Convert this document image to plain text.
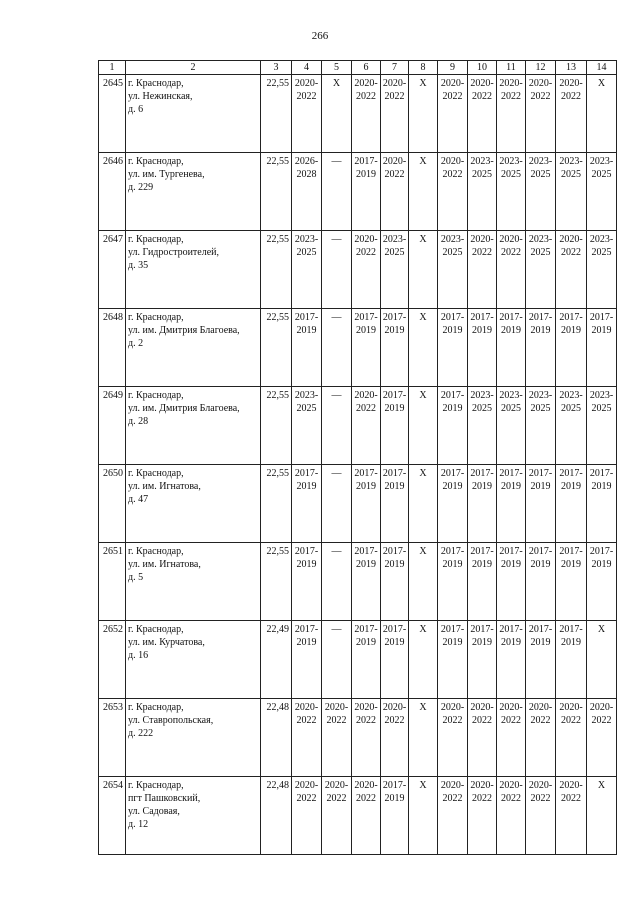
266
1	2	3	4	5	6	7	8	9	10	11	12	13	14
2645	г. Краснодар,
ул. Нежинская,
д. 6	22,55	2020-
2022	X	2020-
2022	2020-
2022	X	2020-
2022	2020-
2022	2020-
2022	2020-
2022	2020-
2022	X

2646	г. Краснодар,
ул. им. Тургенева,
д. 229	22,55	2026-
2028	—	2017-
2019	2020-
2022	X	2020-
2022	2023-
2025	2023-
2025	2023-
2025	2023-
2025	2023-
2025

2647	г. Краснодар,
ул. Гидростроителей,
д. 35	22,55	2023-
2025	—	2020-
2022	2023-
2025	X	2023-
2025	2020-
2022	2020-
2022	2023-
2025	2020-
2022	2023-
2025

2648	г. Краснодар,
ул. им. Дмитрия Благоева,
д. 2	22,55	2017-
2019	—	2017-
2019	2017-
2019	X	2017-
2019	2017-
2019	2017-
2019	2017-
2019	2017-
2019	2017-
2019

2649	г. Краснодар,
ул. им. Дмитрия Благоева,
д. 28	22,55	2023-
2025	—	2020-
2022	2017-
2019	X	2017-
2019	2023-
2025	2023-
2025	2023-
2025	2023-
2025	2023-
2025

2650	г. Краснодар,
ул. им. Игнатова,
д. 47	22,55	2017-
2019	—	2017-
2019	2017-
2019	X	2017-
2019	2017-
2019	2017-
2019	2017-
2019	2017-
2019	2017-
2019

2651	г. Краснодар,
ул. им. Игнатова,
д. 5	22,55	2017-
2019	—	2017-
2019	2017-
2019	X	2017-
2019	2017-
2019	2017-
2019	2017-
2019	2017-
2019	2017-
2019

2652	г. Краснодар,
ул. им. Курчатова,
д. 16	22,49	2017-
2019	—	2017-
2019	2017-
2019	X	2017-
2019	2017-
2019	2017-
2019	2017-
2019	2017-
2019	X

2653	г. Краснодар,
ул. Ставропольская,
д. 222	22,48	2020-
2022	2020-
2022	2020-
2022	2020-
2022	X	2020-
2022	2020-
2022	2020-
2022	2020-
2022	2020-
2022	2020-
2022

2654	г. Краснодар,
пгт Пашковский,
ул. Садовая,
д. 12	22,48	2020-
2022	2020-
2022	2020-
2022	2017-
2019	X	2020-
2022	2020-
2022	2020-
2022	2020-
2022	2020-
2022	X
